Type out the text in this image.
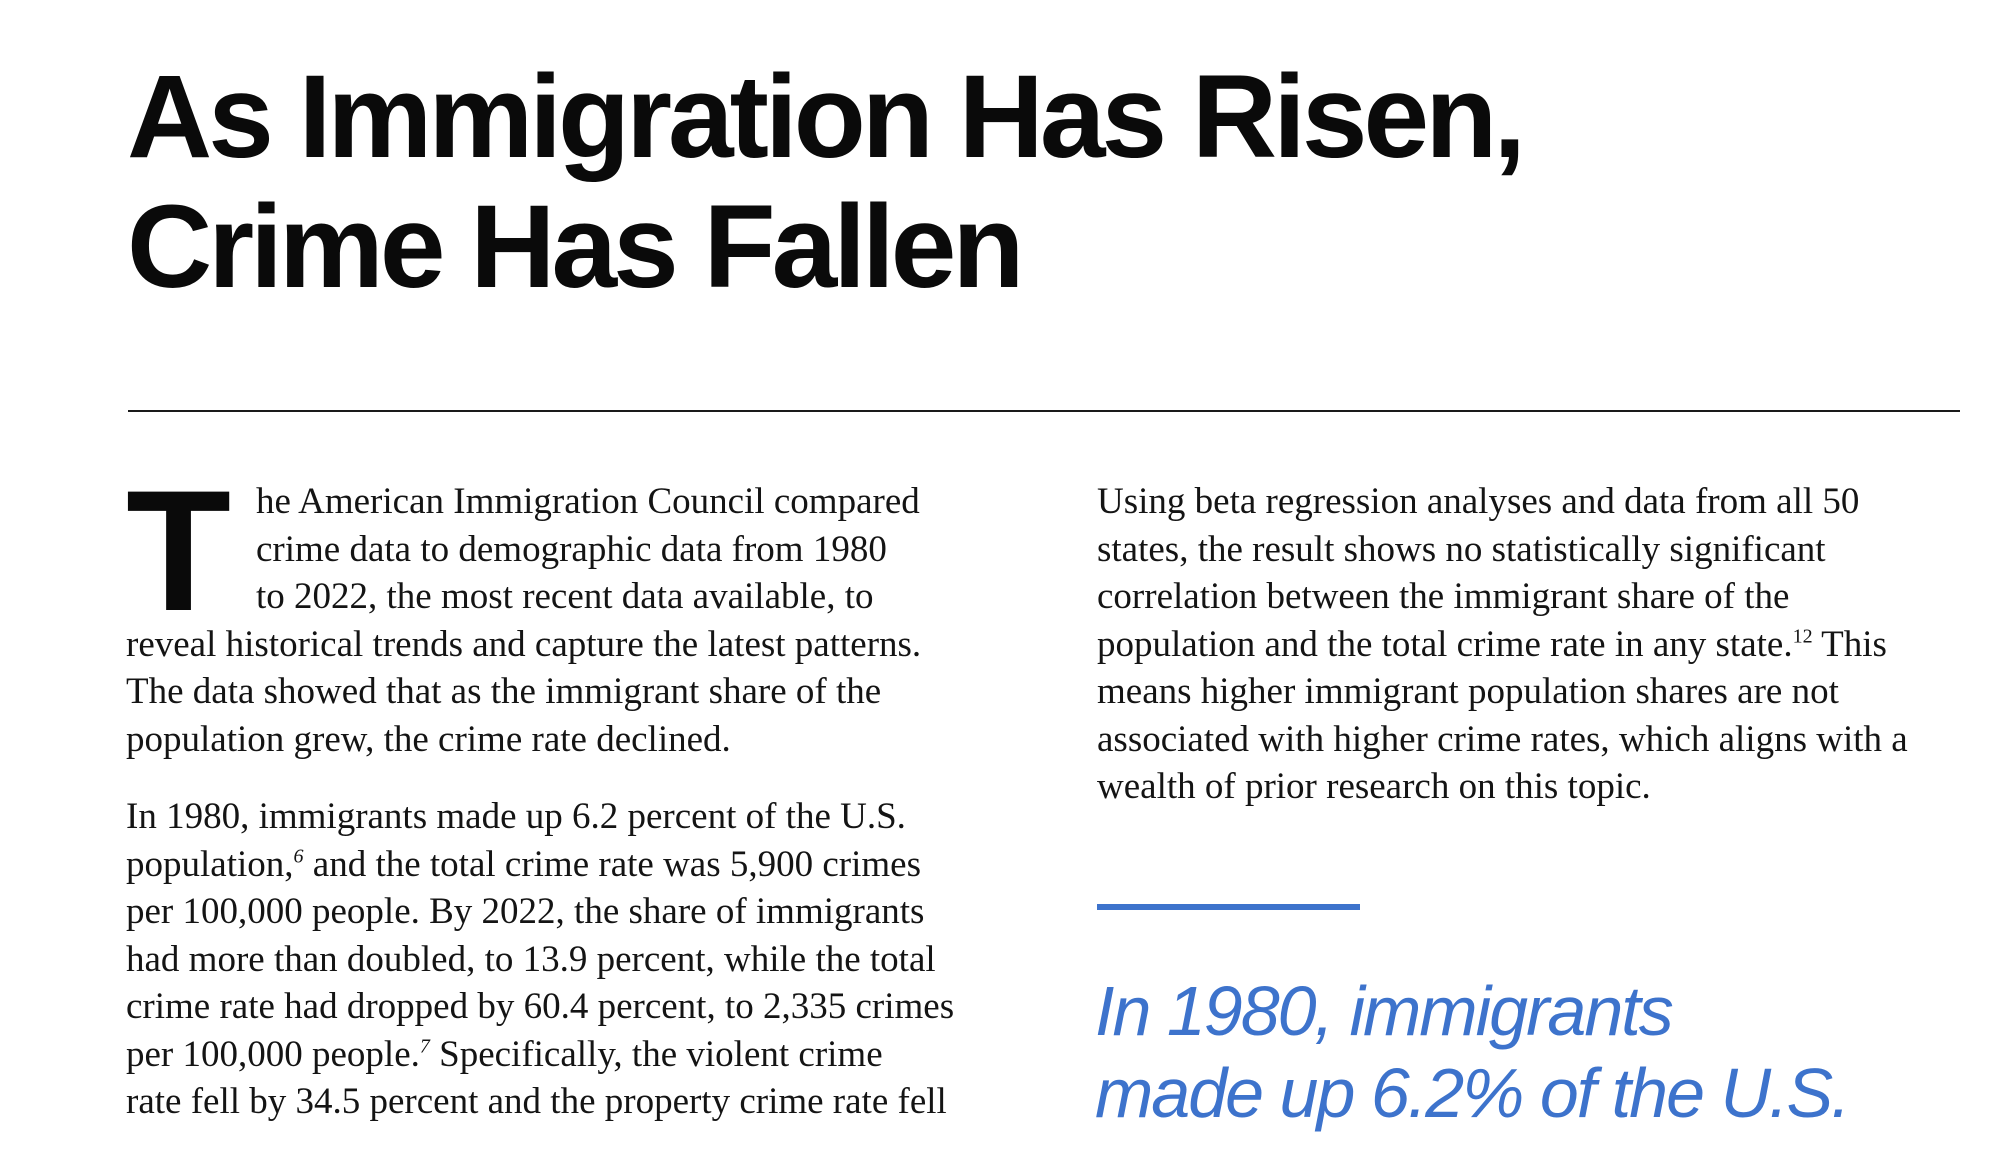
As Immigration Has Risen,
Crime Has Fallen
T he American Immigration Council compared
crime data to demographic data from 1980
to 2022, the most recent data available, to
reveal historical trends and capture the latest patterns.
The data showed that as the immigrant share of the
population grew, the crime rate declined.

In 1980, immigrants made up 6.2 percent of the U.S.
population,$^6$ and the total crime rate was 5,900 crimes
per 100,000 people. By 2022, the share of immigrants
had more than doubled, to 13.9 percent, while the total
crime rate had dropped by 60.4 percent, to 2,335 crimes
per 100,000 people.$^7$ Specifically, the violent crime
rate fell by 34.5 percent and the property crime rate fell

Using beta regression analyses and data from all 50
states, the result shows no statistically significant
correlation between the immigrant share of the
population and the total crime rate in any state.$^{12}$ This
means higher immigrant population shares are not
associated with higher crime rates, which aligns with a
wealth of prior research on this topic.

In 1980, immigrants
made up 6.2% of the U.S.
